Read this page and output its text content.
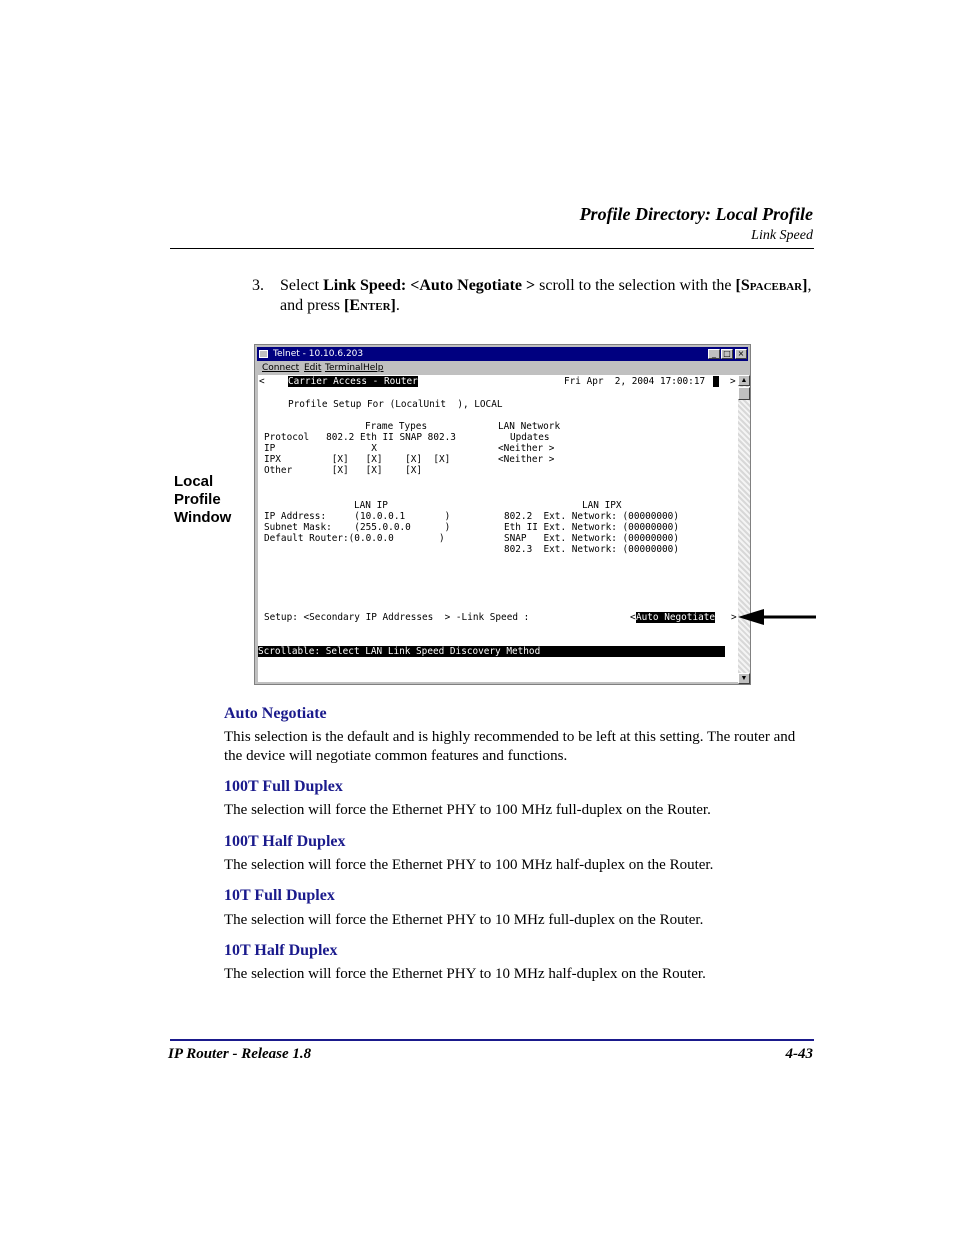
Profile Directory: Local Profile
Link Speed
3. Select Link Speed: <Auto Negotiate > scroll to the selection with the [Spacebar], and press [Enter].
Local
Profile
Window
Telnet - 10.10.6.203	_ □ ×
Connect Edit Terminal Help
< Carrier Access - Router	Fri Apr  2, 2004 17:00:17
	>
Profile Setup For (LocalUnit  ), LOCAL
Frame Types	LAN Network
Protocol   802.2 Eth II SNAP 802.3	Updates
IP                 X	<Neither >
IPX         [X]   [X]    [X]  [X]	<Neither >
Other       [X]   [X]    [X]
LAN IP	LAN IPX
IP Address:     (10.0.0.1       )
Subnet Mask:    (255.0.0.0      )
Default Router:(0.0.0.0        )
802.2  Ext. Network: (00000000)
Eth II Ext. Network: (00000000)
SNAP   Ext. Network: (00000000)
802.3  Ext. Network: (00000000)
Setup: <Secondary IP Addresses  > -Link Speed :	< Auto Negotiate >
Scrollable: Select LAN Link Speed Discovery Method
▲
▼
Auto Negotiate
This selection is the default and is highly recommended to be left at this setting. The router and the device will negotiate common features and functions.
100T Full Duplex
The selection will force the Ethernet PHY to 100 MHz full-duplex on the Router.
100T Half Duplex
The selection will force the Ethernet PHY to 100 MHz half-duplex on the Router.
10T Full Duplex
The selection will force the Ethernet PHY to 10 MHz full-duplex on the Router.
10T Half Duplex
The selection will force the Ethernet PHY to 10 MHz half-duplex on the Router.
IP Router - Release 1.8	4-43
